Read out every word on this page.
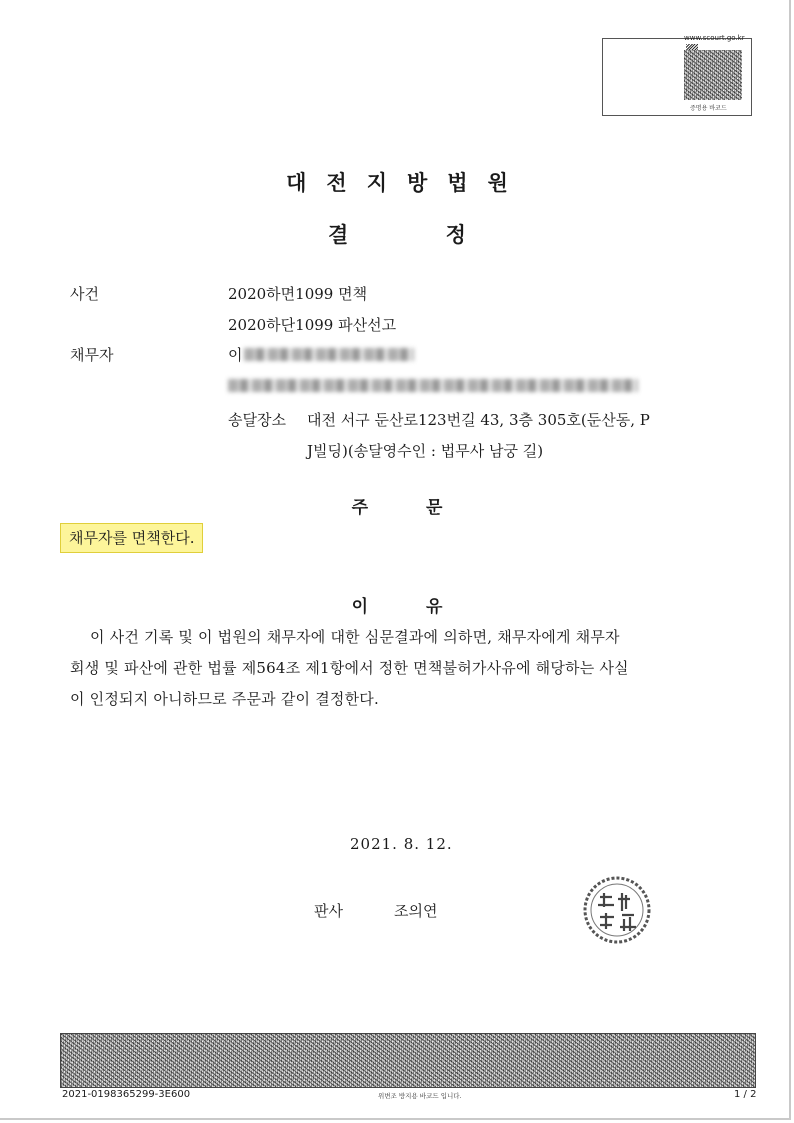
www.scourt.go.kr
증명용 바코드
대전지방법원
결 정
사건	2020하면1099 면책
2020하단1099 파산선고
채무자	이
송달장소 대전 서구 둔산로123번길 43, 3층 305호(둔산동, P
J빌딩)(송달영수인 : 법무사 남궁 길)
주 문
채무자를 면책한다.
이 유
이 사건 기록 및 이 법원의 채무자에 대한 심문결과에 의하면, 채무자에게 채무자
회생 및 파산에 관한 법률 제564조 제1항에서 정한 면책불허가사유에 해당하는 사실
이 인정되지 아니하므로 주문과 같이 결정한다.
2021. 8. 12.
판사	조의연
2021-0198365299-3E600	위변조 방지용 바코드 입니다.	1 / 2
